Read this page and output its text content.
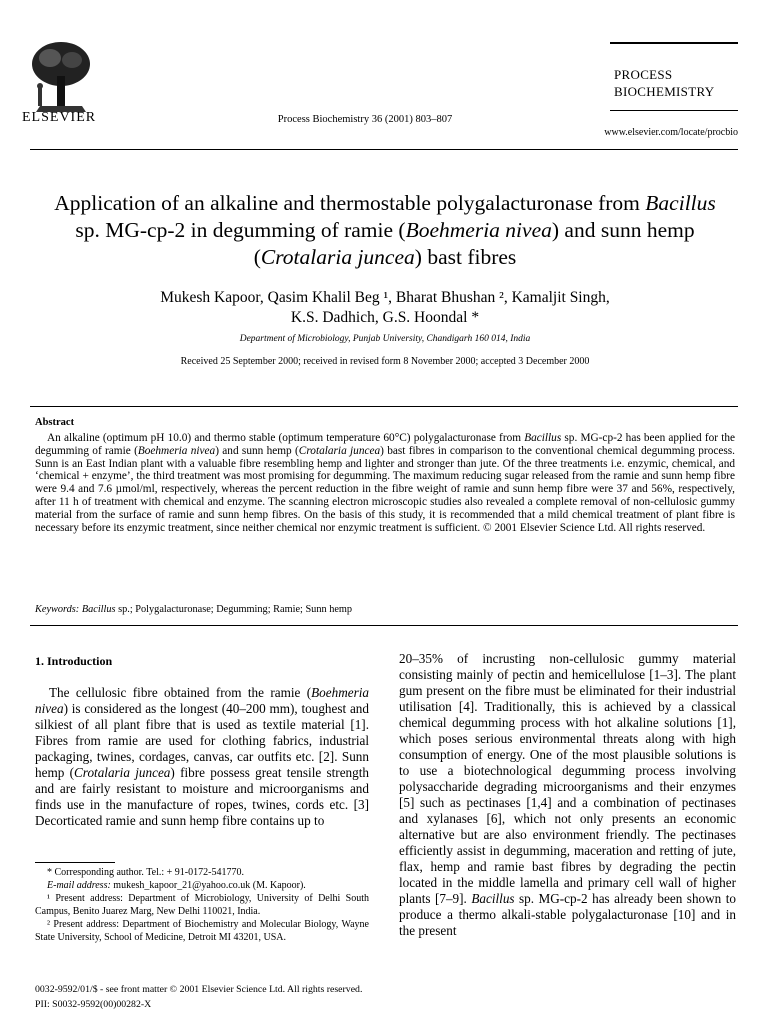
ELSEVIER	Process Biochemistry 36 (2001) 803–807
PROCESS
BIOCHEMISTRY
www.elsevier.com/locate/procbio
Application of an alkaline and thermostable polygalacturonase from Bacillus sp. MG-cp-2 in degumming of ramie (Boehmeria nivea) and sunn hemp (Crotalaria juncea) bast fibres
Mukesh Kapoor, Qasim Khalil Beg ¹, Bharat Bhushan ², Kamaljit Singh,
K.S. Dadhich, G.S. Hoondal *
Department of Microbiology, Punjab University, Chandigarh 160 014, India
Received 25 September 2000; received in revised form 8 November 2000; accepted 3 December 2000
Abstract
An alkaline (optimum pH 10.0) and thermo stable (optimum temperature 60°C) polygalacturonase from Bacillus sp. MG-cp-2 has been applied for the degumming of ramie (Boehmeria nivea) and sunn hemp (Crotalaria juncea) bast fibres in comparison to the conventional chemical degumming process. Sunn is an East Indian plant with a valuable fibre resembling hemp and lighter and stronger than jute. Of the three treatments i.e. enzymic, chemical, and ‘chemical + enzyme’, the third treatment was most promising for degumming. The maximum reducing sugar released from the ramie and sunn hemp fibre were 9.4 and 7.6 µmol/ml, respectively, whereas the percent reduction in the fibre weight of ramie and sunn hemp fibre were 37 and 56%, respectively, after 11 h of treatment with chemical and enzyme. The scanning electron microscopic studies also revealed a complete removal of non-cellulosic gummy material from the surface of ramie and sunn hemp fibres. On the basis of this study, it is recommended that a mild chemical treatment of plant fibre is necessary before its enzymic treatment, since neither chemical nor enzymic treatment is sufficient. © 2001 Elsevier Science Ltd. All rights reserved.
Keywords: Bacillus sp.; Polygalacturonase; Degumming; Ramie; Sunn hemp
1. Introduction
The cellulosic fibre obtained from the ramie (Boehmeria nivea) is considered as the longest (40–200 mm), toughest and silkiest of all plant fibre that is used as textile material [1]. Fibres from ramie are used for clothing fabrics, industrial packaging, twines, cordages, canvas, car outfits etc. [2]. Sunn hemp (Crotalaria juncea) fibre possess great tensile strength and are fairly resistant to moisture and microorganisms and finds use in the manufacture of ropes, twines, cords etc. [3] Decorticated ramie and sunn hemp fibre contains up to

* Corresponding author. Tel.: + 91-0172-541770.

E-mail address: mukesh_kapoor_21@yahoo.co.uk (M. Kapoor).

¹ Present address: Department of Microbiology, University of Delhi South Campus, Benito Juarez Marg, New Delhi 110021, India.

² Present address: Department of Biochemistry and Molecular Biology, Wayne State University, School of Medicine, Detroit MI 43201, USA.

20–35% of incrusting non-cellulosic gummy material consisting mainly of pectin and hemicellulose [1–3]. The plant gum present on the fibre must be eliminated for their industrial utilisation [4]. Traditionally, this is achieved by a classical chemical degumming process with hot alkaline solutions [1], which poses serious environmental threats along with high consumption of energy. One of the most plausible solutions is to use a biotechnological degumming process involving polysaccharide degrading microorganisms and their enzymes [5] such as pectinases [1,4] and a combination of pectinases and xylanases [6], which not only presents an economic alternative but are also environment friendly. The pectinases efficiently assist in degumming, maceration and retting of jute, flax, hemp and ramie bast fibres by degrading the pectin located in the middle lamella and primary cell wall of higher plants [7–9]. Bacillus sp. MG-cp-2 has already been shown to produce a thermo alkali-stable polygalacturonase [10] and in the present
0032-9592/01/$ - see front matter © 2001 Elsevier Science Ltd. All rights reserved.
PII: S0032-9592(00)00282-X
